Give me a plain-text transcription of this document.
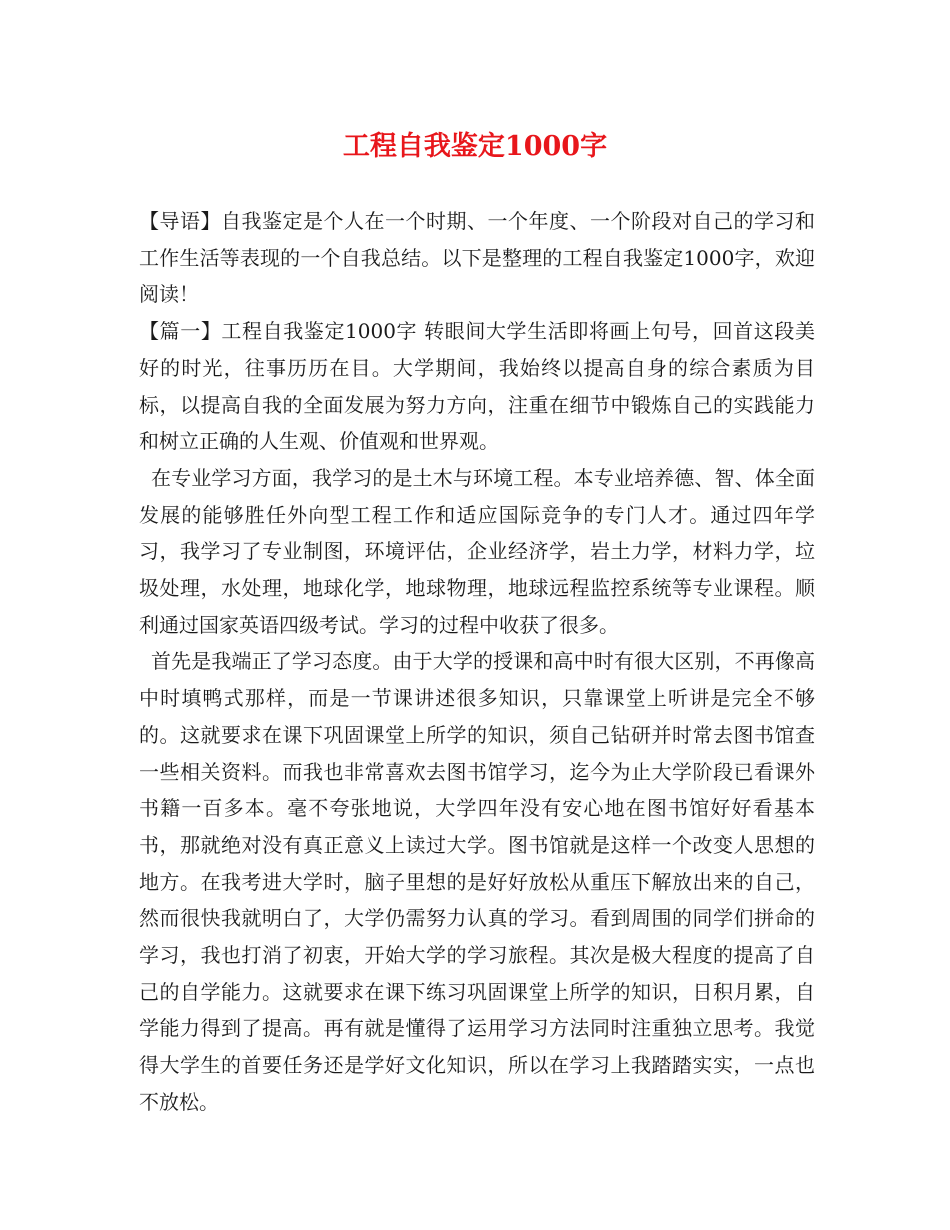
工程自我鉴定1000字

【导语】自我鉴定是个人在一个时期、一个年度、一个阶段对自己的学习和工作生活等表现的一个自我总结。以下是整理的工程自我鉴定1000字，欢迎阅读！

【篇一】工程自我鉴定1000字 转眼间大学生活即将画上句号，回首这段美好的时光，往事历历在目。大学期间，我始终以提高自身的综合素质为目标，以提高自我的全面发展为努力方向，注重在细节中锻炼自己的实践能力和树立正确的人生观、价值观和世界观。

在专业学习方面，我学习的是土木与环境工程。本专业培养德、智、体全面发展的能够胜任外向型工程工作和适应国际竞争的专门人才。通过四年学习，我学习了专业制图，环境评估，企业经济学，岩土力学，材料力学，垃圾处理，水处理，地球化学，地球物理，地球远程监控系统等专业课程。顺利通过国家英语四级考试。学习的过程中收获了很多。

首先是我端正了学习态度。由于大学的授课和高中时有很大区别，不再像高中时填鸭式那样，而是一节课讲述很多知识，只靠课堂上听讲是完全不够的。这就要求在课下巩固课堂上所学的知识，须自己钻研并时常去图书馆查一些相关资料。而我也非常喜欢去图书馆学习，迄今为止大学阶段已看课外书籍一百多本。毫不夸张地说，大学四年没有安心地在图书馆好好看基本书，那就绝对没有真正意义上读过大学。图书馆就是这样一个改变人思想的地方。在我考进大学时，脑子里想的是好好放松从重压下解放出来的自己，然而很快我就明白了，大学仍需努力认真的学习。看到周围的同学们拼命的学习，我也打消了初衷，开始大学的学习旅程。其次是极大程度的提高了自己的自学能力。这就要求在课下练习巩固课堂上所学的知识，日积月累，自学能力得到了提高。再有就是懂得了运用学习方法同时注重独立思考。我觉得大学生的首要任务还是学好文化知识，所以在学习上我踏踏实实，一点也不放松。
